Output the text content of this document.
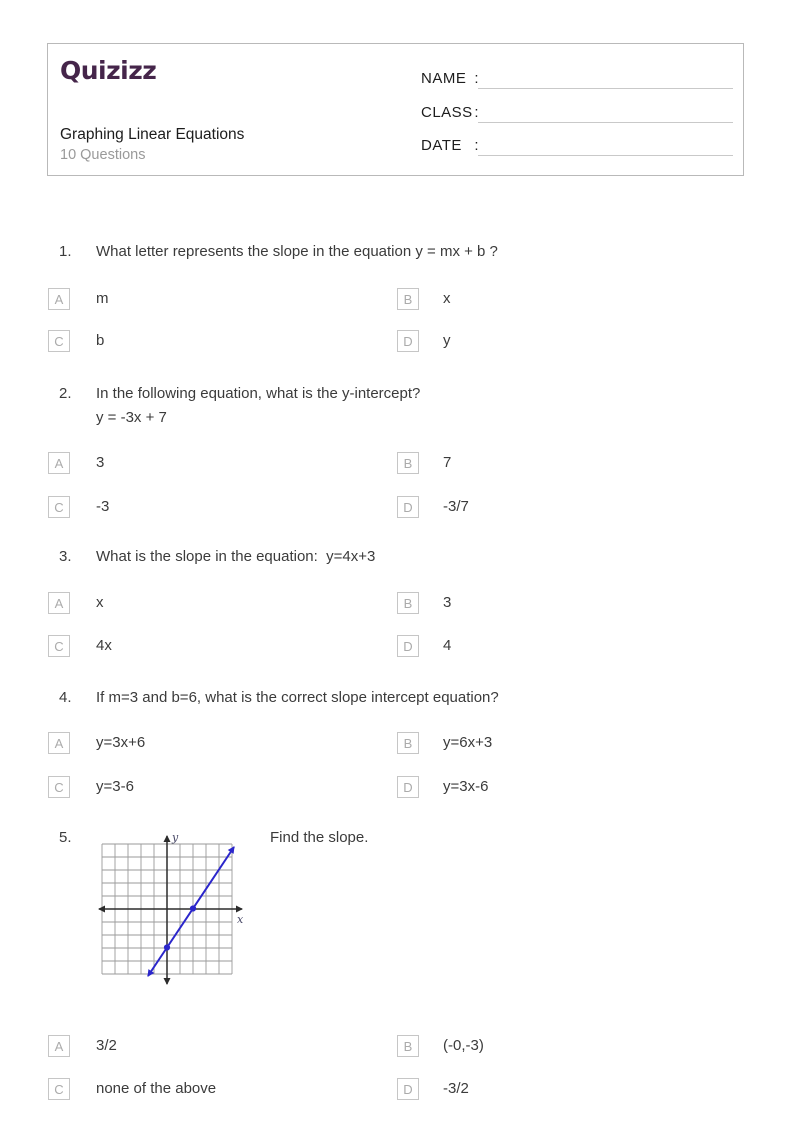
Quizizz
Graphing Linear Equations
10 Questions
NAME :
CLASS :
DATE :
1. What letter represents the slope in the equation y = mx + b ?
A	m	B	x
C	b	D	y
2. In the following equation, what is the y-intercept?
y = -3x + 7
A	3	B	7
C	-3	D	-3/7
3. What is the slope in the equation:  y=4x+3
A	x	B	3
C	4x	D	4
4. If m=3 and b=6, what is the correct slope intercept equation?
A	y=3x+6	B	y=6x+3
C	y=3-6	D	y=3x-6
5.	Find the slope.
y
x
A	3/2	B	(-0,-3)
C	none of the above	D	-3/2
